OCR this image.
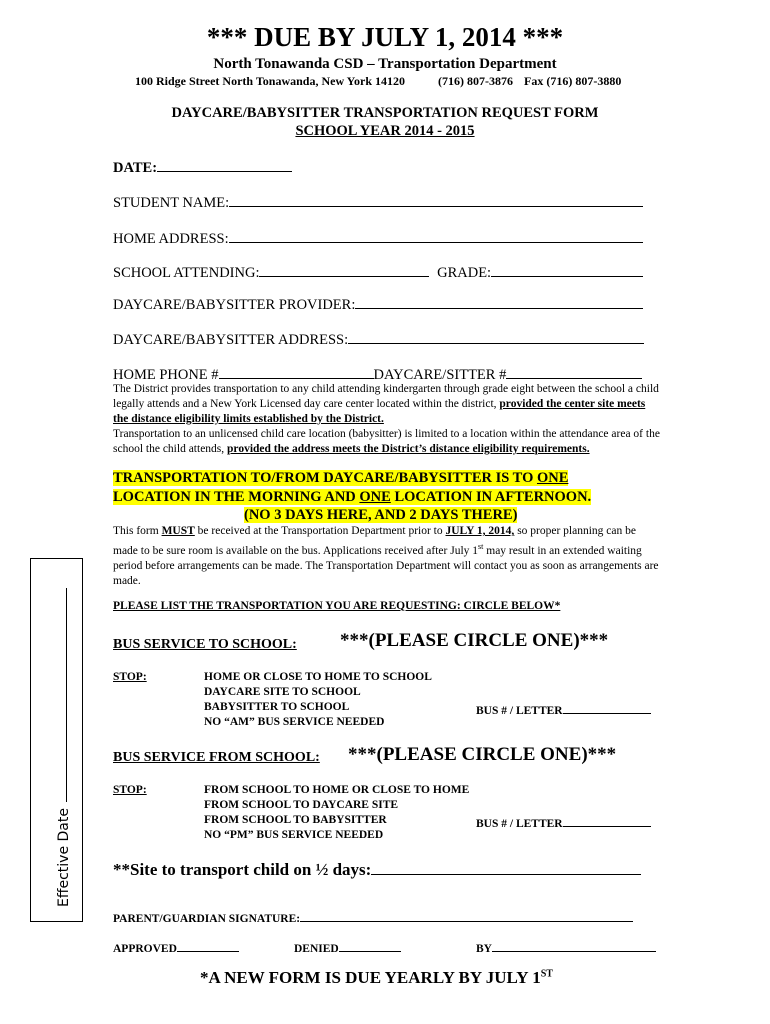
*** DUE BY JULY 1, 2014 ***
North Tonawanda CSD – Transportation Department
100 Ridge Street North Tonawanda, New York 14120	(716) 807-3876 Fax (716) 807-3880
DAYCARE/BABYSITTER TRANSPORTATION REQUEST FORM
SCHOOL YEAR 2014 - 2015
DATE:
STUDENT NAME:
HOME ADDRESS:
SCHOOL ATTENDING:	GRADE:
DAYCARE/BABYSITTER PROVIDER:
DAYCARE/BABYSITTER ADDRESS:
HOME PHONE #	DAYCARE/SITTER #
The District provides transportation to any child attending kindergarten through grade eight between the school a child legally attends and a New York Licensed day care center located within the district, provided the center site meets the distance eligibility limits established by the District.
Transportation to an unlicensed child care location (babysitter) is limited to a location within the attendance area of the school the child attends, provided the address meets the District’s distance eligibility requirements.
TRANSPORTATION TO/FROM DAYCARE/BABYSITTER IS TO ONE
LOCATION IN THE MORNING AND ONE LOCATION IN AFTERNOON.
(NO 3 DAYS HERE, AND 2 DAYS THERE)
This form MUST be received at the Transportation Department prior to JULY 1, 2014, so proper planning can be made to be sure room is available on the bus. Applications received after July 1st may result in an extended waiting period before arrangements can be made. The Transportation Department will contact you as soon as arrangements are made.
PLEASE LIST THE TRANSPORTATION YOU ARE REQUESTING: CIRCLE BELOW*
BUS SERVICE TO SCHOOL: ***(PLEASE CIRCLE ONE)***
STOP:	HOME OR CLOSE TO HOME TO SCHOOL
DAYCARE SITE TO SCHOOL
BABYSITTER TO SCHOOL
NO “AM” BUS SERVICE NEEDED
BUS # / LETTER
BUS SERVICE FROM SCHOOL: ***(PLEASE CIRCLE ONE)***
STOP:	FROM SCHOOL TO HOME OR CLOSE TO HOME
FROM SCHOOL TO DAYCARE SITE
FROM SCHOOL TO BABYSITTER
NO “PM” BUS SERVICE NEEDED
BUS # / LETTER
**Site to transport child on ½ days:
PARENT/GUARDIAN SIGNATURE:
APPROVED	DENIED	BY
*A NEW FORM IS DUE YEARLY BY JULY 1ST
Effective Date
